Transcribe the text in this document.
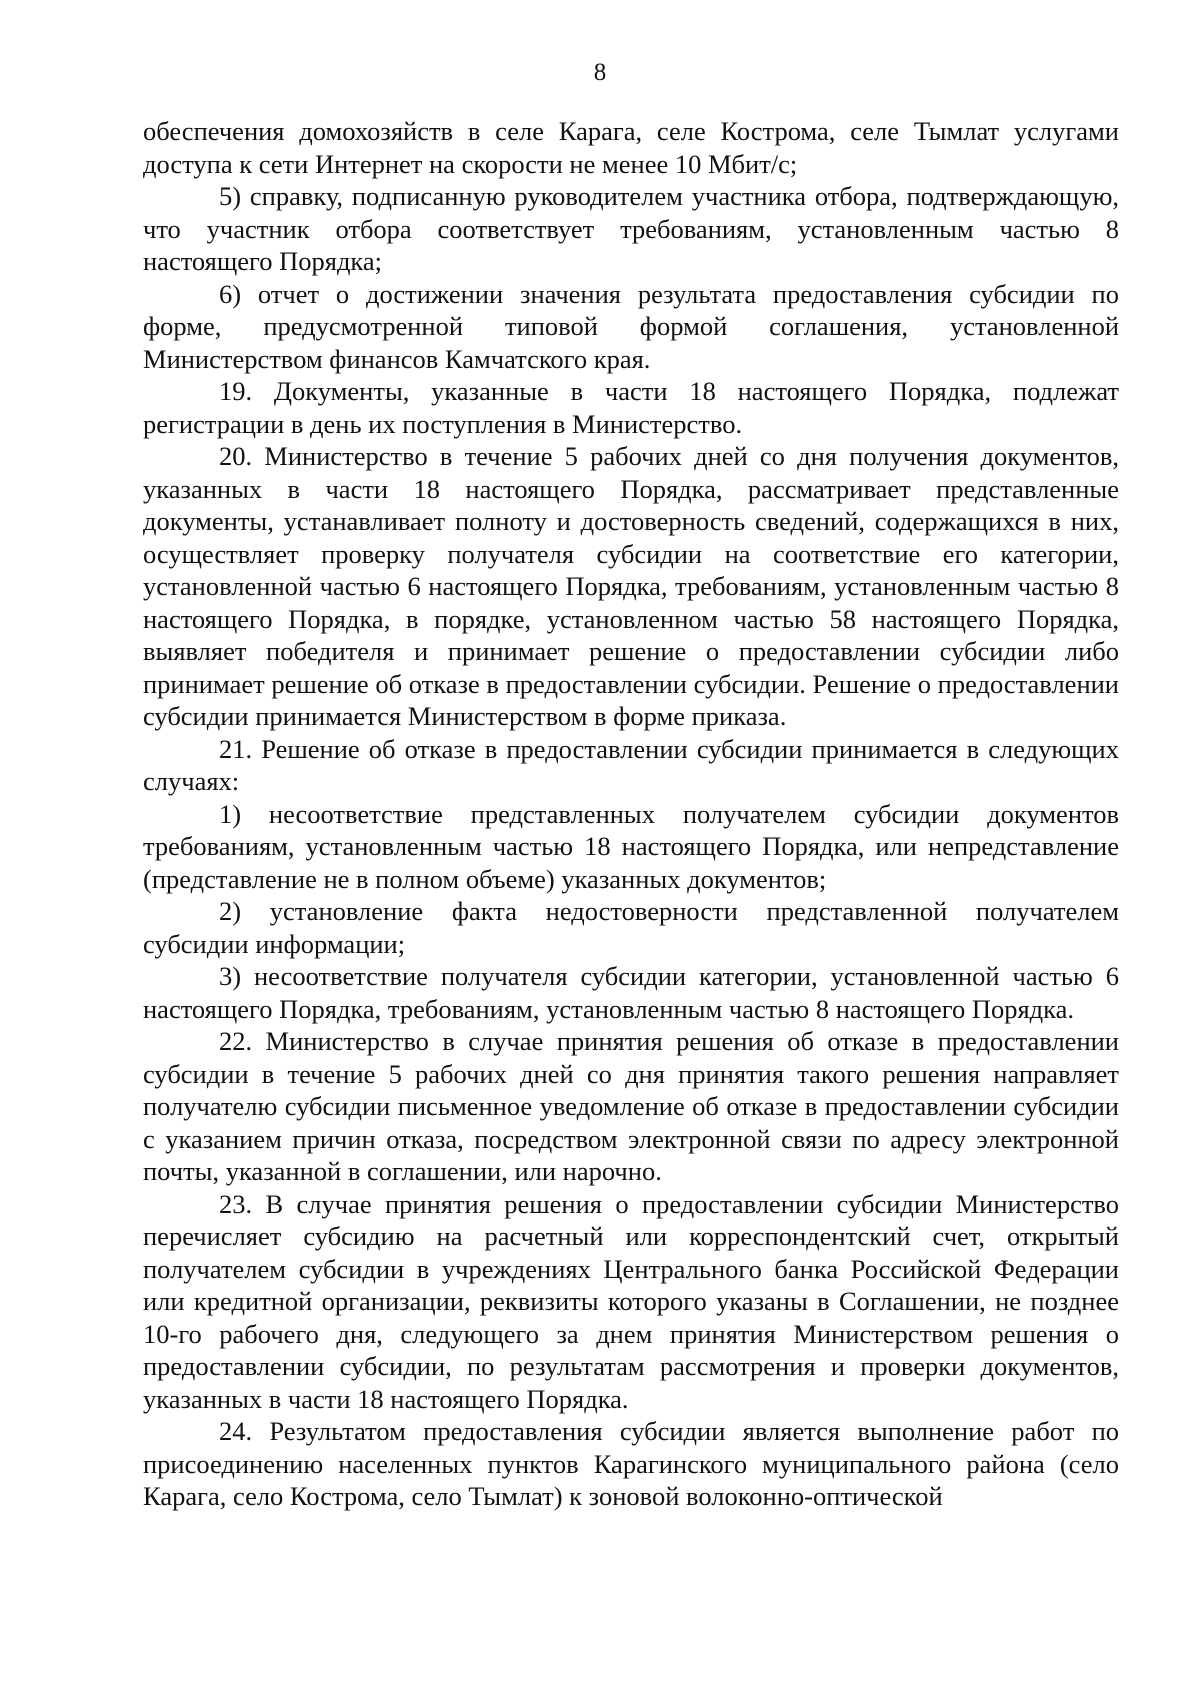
8

обеспечения домохозяйств в селе Карага, селе Кострома, селе Тымлат услугами доступа к сети Интернет на скорости не менее 10 Мбит/с;

5) справку, подписанную руководителем участника отбора, подтверждающую, что участник отбора соответствует требованиям, установленным частью 8 настоящего Порядка;

6) отчет о достижении значения результата предоставления субсидии по форме, предусмотренной типовой формой соглашения, установленной Министерством финансов Камчатского края.

19. Документы, указанные в части 18 настоящего Порядка, подлежат регистрации в день их поступления в Министерство.

20. Министерство в течение 5 рабочих дней со дня получения документов, указанных в части 18 настоящего Порядка, рассматривает представленные документы, устанавливает полноту и достоверность сведений, содержащихся в них, осуществляет проверку получателя субсидии на соответствие его категории, установленной частью 6 настоящего Порядка, требованиям, установленным частью 8 настоящего Порядка, в порядке, установленном частью 58 настоящего Порядка, выявляет победителя и принимает решение о предоставлении субсидии либо принимает решение об отказе в предоставлении субсидии. Решение о предоставлении субсидии принимается Министерством в форме приказа.

21. Решение об отказе в предоставлении субсидии принимается в следующих случаях:

1) несоответствие представленных получателем субсидии документов требованиям, установленным частью 18 настоящего Порядка, или непредставление (представление не в полном объеме) указанных документов;

2) установление факта недостоверности представленной получателем субсидии информации;

3) несоответствие получателя субсидии категории, установленной частью 6 настоящего Порядка, требованиям, установленным частью 8 настоящего Порядка.

22. Министерство в случае принятия решения об отказе в предоставлении субсидии в течение 5 рабочих дней со дня принятия такого решения направляет получателю субсидии письменное уведомление об отказе в предоставлении субсидии с указанием причин отказа, посредством электронной связи по адресу электронной почты, указанной в соглашении, или нарочно.

23. В случае принятия решения о предоставлении субсидии Министерство перечисляет субсидию на расчетный или корреспондентский счет, открытый получателем субсидии в учреждениях Центрального банка Российской Федерации или кредитной организации, реквизиты которого указаны в Соглашении, не позднее 10-го рабочего дня, следующего за днем принятия Министерством решения о предоставлении субсидии, по результатам рассмотрения и проверки документов, указанных в части 18 настоящего Порядка.

24. Результатом предоставления субсидии является выполнение работ по присоединению населенных пунктов Карагинского муниципального района (село Карага, село Кострома, село Тымлат) к зоновой волоконно-оптической
